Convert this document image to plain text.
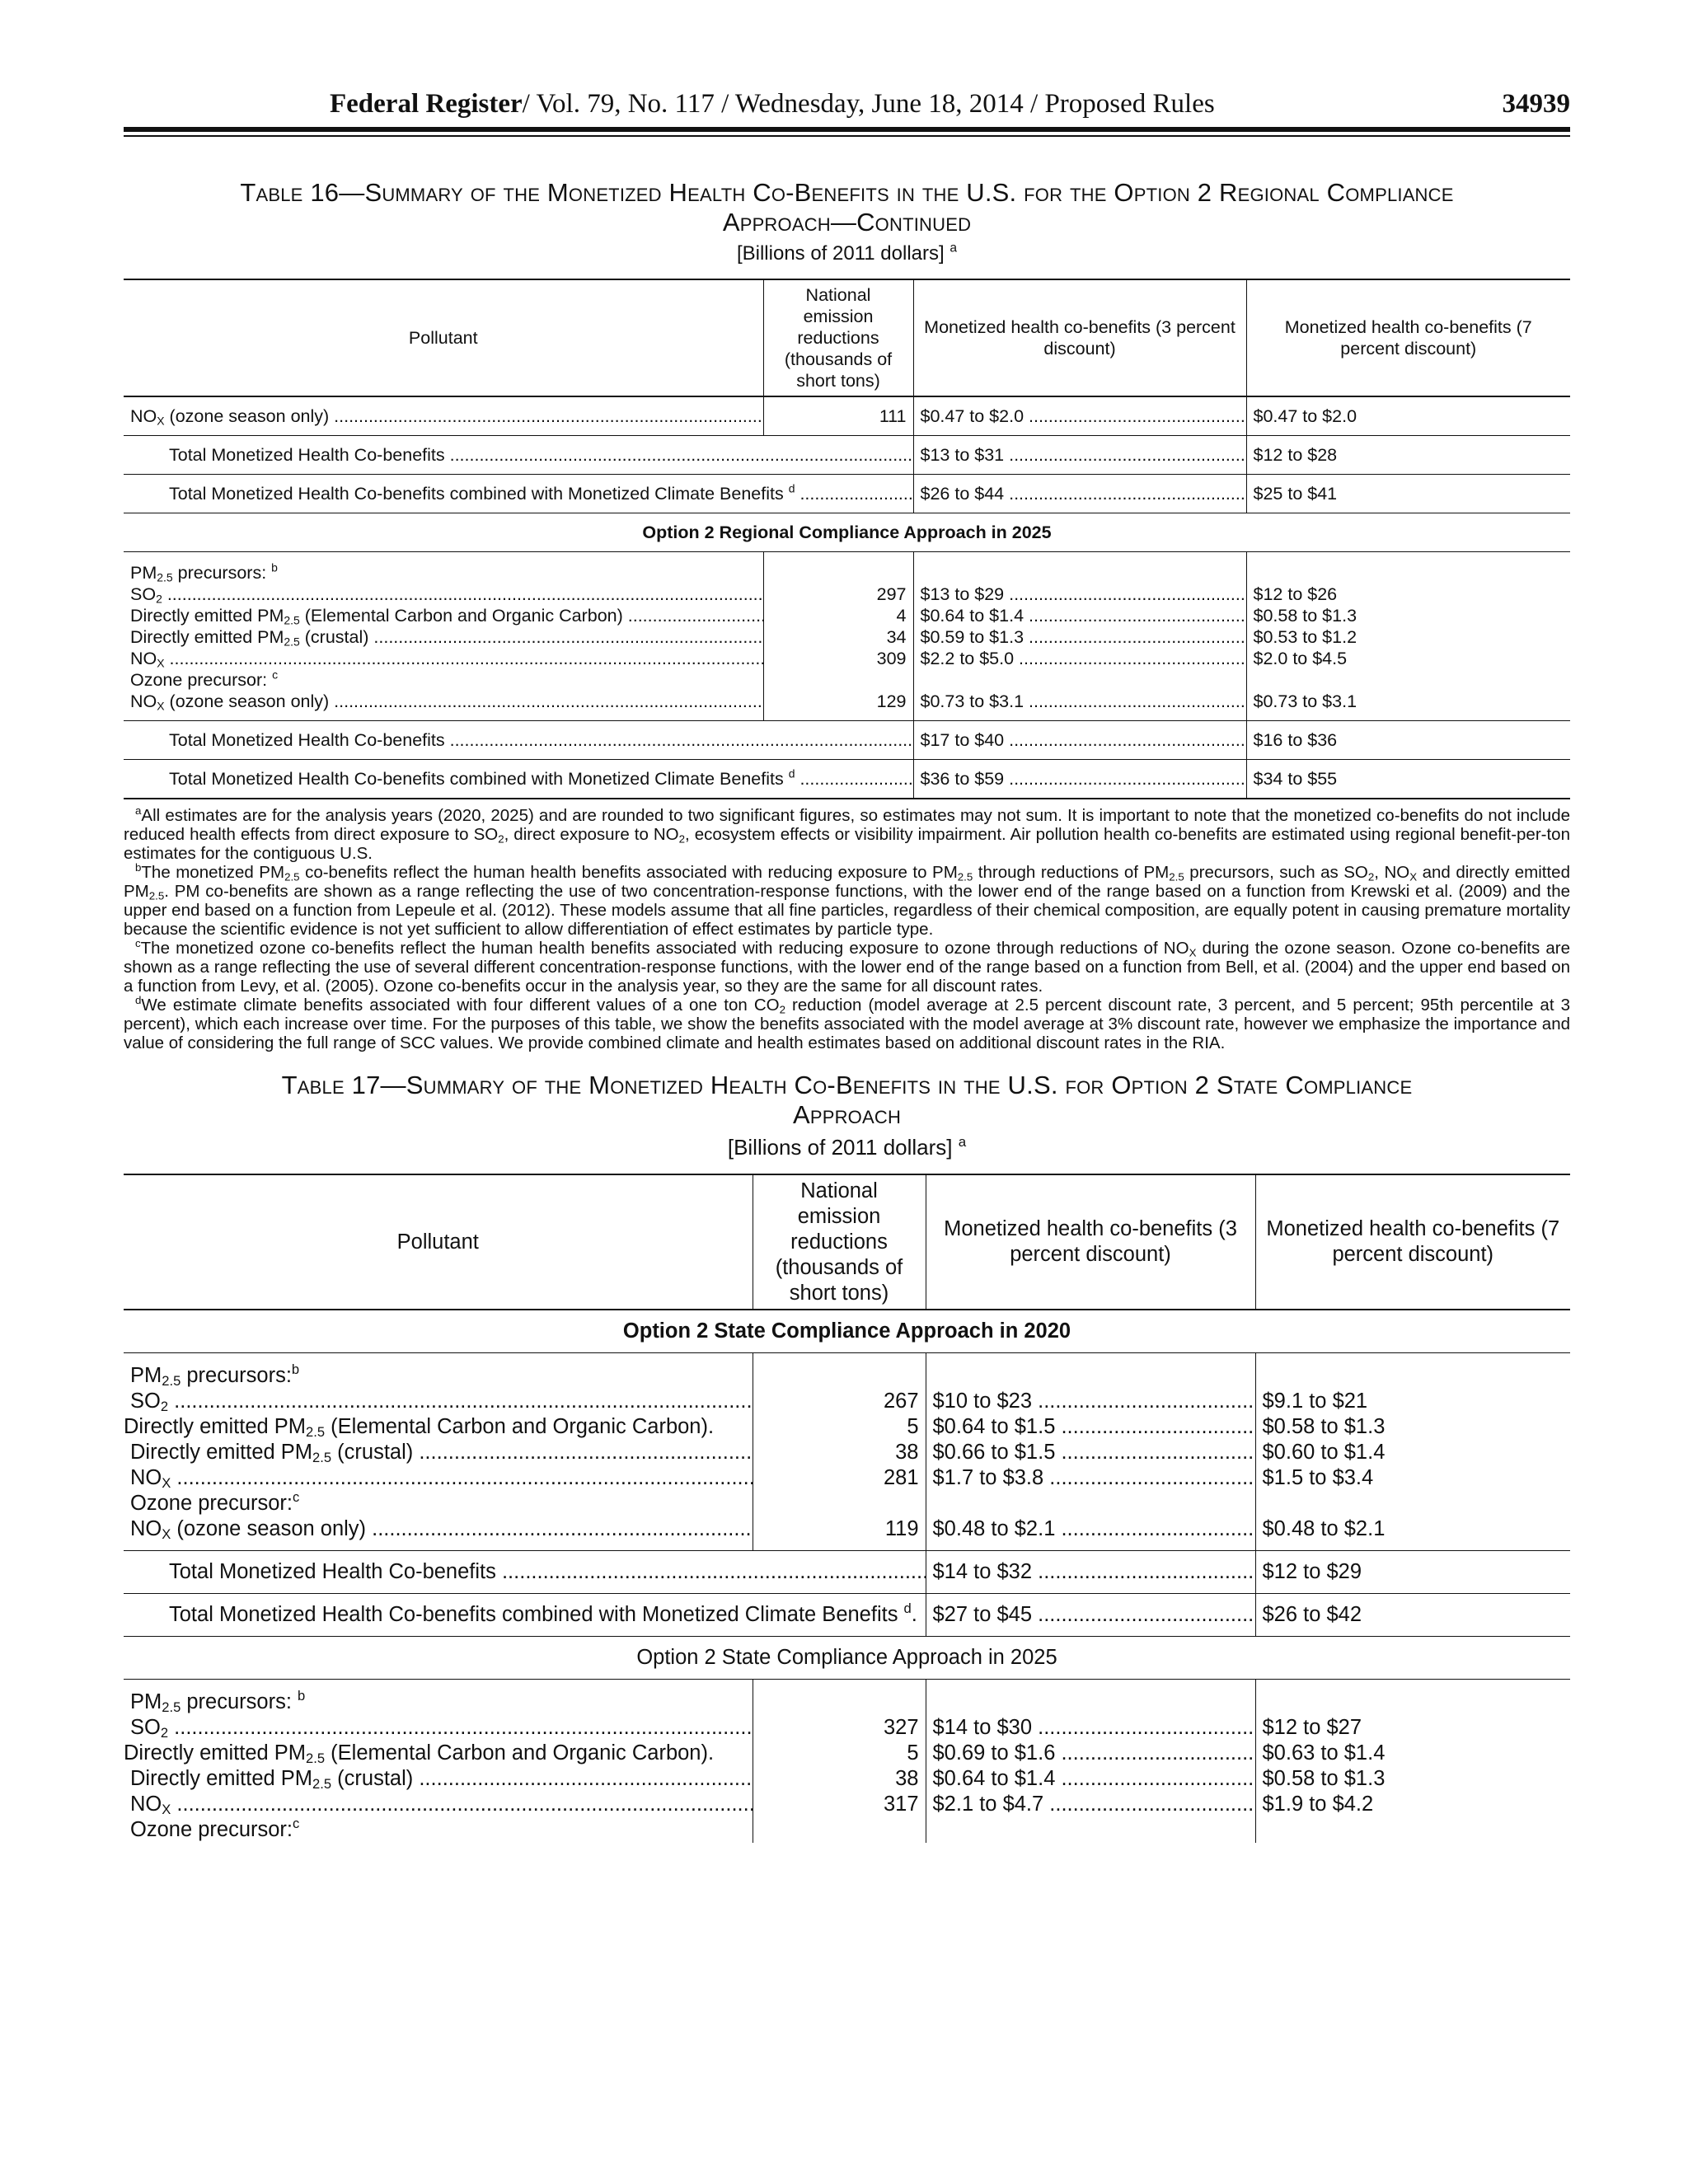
Federal Register/ Vol. 79, No. 117 / Wednesday, June 18, 2014 / Proposed Rules	34939
Table 16—Summary of the Monetized Health Co-Benefits in the U.S. for the Option 2 Regional Compliance
Approach—Continued
[Billions of 2011 dollars] $^a$
Pollutant	National emission reductions (thousands of short tons)	Monetized health co-benefits (3 percent discount)	Monetized health co-benefits (7 percent discount)
$NO_X$ (ozone season only) .....	111	$0.47 to $2.0 .....	$0.47 to $2.0
Total Monetized Health Co-benefits .....		$13 to $31 .....	$12 to $28
Total Monetized Health Co-benefits combined with Monetized Climate Benefits $^d$ .....		$26 to $44 .....	$25 to $41
Option 2 Regional Compliance Approach in 2025			
$PM_{2.5}$ precursors: $^b$			
$SO_2$ .....	297	$13 to $29 .....	$12 to $26
Directly emitted $PM_{2.5}$ (Elemental Carbon and Organic Carbon) .....	4	$0.64 to $1.4 .....	$0.58 to $1.3
Directly emitted $PM_{2.5}$ (crustal) .....	34	$0.59 to $1.3 .....	$0.53 to $1.2
$NO_X$ .....	309	$2.2 to $5.0 .....	$2.0 to $4.5
Ozone precursor: $^c$			
$NO_X$ (ozone season only) .....	129	$0.73 to $3.1 .....	$0.73 to $3.1
Total Monetized Health Co-benefits .....		$17 to $40 .....	$16 to $36
Total Monetized Health Co-benefits combined with Monetized Climate Benefits $^d$ .....		$36 to $59 .....	$34 to $55

$^a$All estimates are for the analysis years (2020, 2025) and are rounded to two significant figures, so estimates may not sum. It is important to note that the monetized co-benefits do not include reduced health effects from direct exposure to $SO_2$, direct exposure to $NO_2$, ecosystem effects or visibility impairment. Air pollution health co-benefits are estimated using regional benefit-per-ton estimates for the contiguous U.S.

$^b$The monetized $PM_{2.5}$ co-benefits reflect the human health benefits associated with reducing exposure to $PM_{2.5}$ through reductions of $PM_{2.5}$ precursors, such as $SO_2$, $NO_X$ and directly emitted $PM_{2.5}$. PM co-benefits are shown as a range reflecting the use of two concentration-response functions, with the lower end of the range based on a function from Krewski et al. (2009) and the upper end based on a function from Lepeule et al. (2012). These models assume that all fine particles, regardless of their chemical composition, are equally potent in causing premature mortality because the scientific evidence is not yet sufficient to allow differentiation of effect estimates by particle type.

$^c$The monetized ozone co-benefits reflect the human health benefits associated with reducing exposure to ozone through reductions of $NO_X$ during the ozone season. Ozone co-benefits are shown as a range reflecting the use of several different concentration-response functions, with the lower end of the range based on a function from Bell, et al. (2004) and the upper end based on a function from Levy, et al. (2005). Ozone co-benefits occur in the analysis year, so they are the same for all discount rates.

$^d$We estimate climate benefits associated with four different values of a one ton $CO_2$ reduction (model average at 2.5 percent discount rate, 3 percent, and 5 percent; 95th percentile at 3 percent), which each increase over time. For the purposes of this table, we show the benefits associated with the model average at 3% discount rate, however we emphasize the importance and value of considering the full range of SCC values. We provide combined climate and health estimates based on additional discount rates in the RIA.

Table 17—Summary of the Monetized Health Co-Benefits in the U.S. for Option 2 State Compliance
Approach
[Billions of 2011 dollars] $^a$
Pollutant	National emission reductions (thousands of short tons)	Monetized health co-benefits (3 percent discount)	Monetized health co-benefits (7 percent discount)
Option 2 State Compliance Approach in 2020			
$PM_{2.5}$ precursors:$^b$			
$SO_2$ .....	267	$10 to $23 .....	$9.1 to $21
Directly emitted $PM_{2.5}$ (Elemental Carbon and Organic Carbon).	5	$0.64 to $1.5 .....	$0.58 to $1.3
Directly emitted $PM_{2.5}$ (crustal) .....	38	$0.66 to $1.5 .....	$0.60 to $1.4
$NO_X$ .....	281	$1.7 to $3.8 .....	$1.5 to $3.4
Ozone precursor:$^c$			
$NO_X$ (ozone season only) .....	119	$0.48 to $2.1 .....	$0.48 to $2.1
Total Monetized Health Co-benefits .....		$14 to $32 .....	$12 to $29

Total Monetized Health Co-benefits combined with Monetized Climate Benefits $^d$.		$27 to $45 .....	$26 to $42
Option 2 State Compliance Approach in 2025			
$PM_{2.5}$ precursors: $^b$			
$SO_2$ .....	327	$14 to $30 .....	$12 to $27
Directly emitted $PM_{2.5}$ (Elemental Carbon and Organic Carbon).	5	$0.69 to $1.6 .....	$0.63 to $1.4
Directly emitted $PM_{2.5}$ (crustal) .....	38	$0.64 to $1.4 .....	$0.58 to $1.3
$NO_X$ .....	317	$2.1 to $4.7 .....	$1.9 to $4.2
Ozone precursor:$^c$			
